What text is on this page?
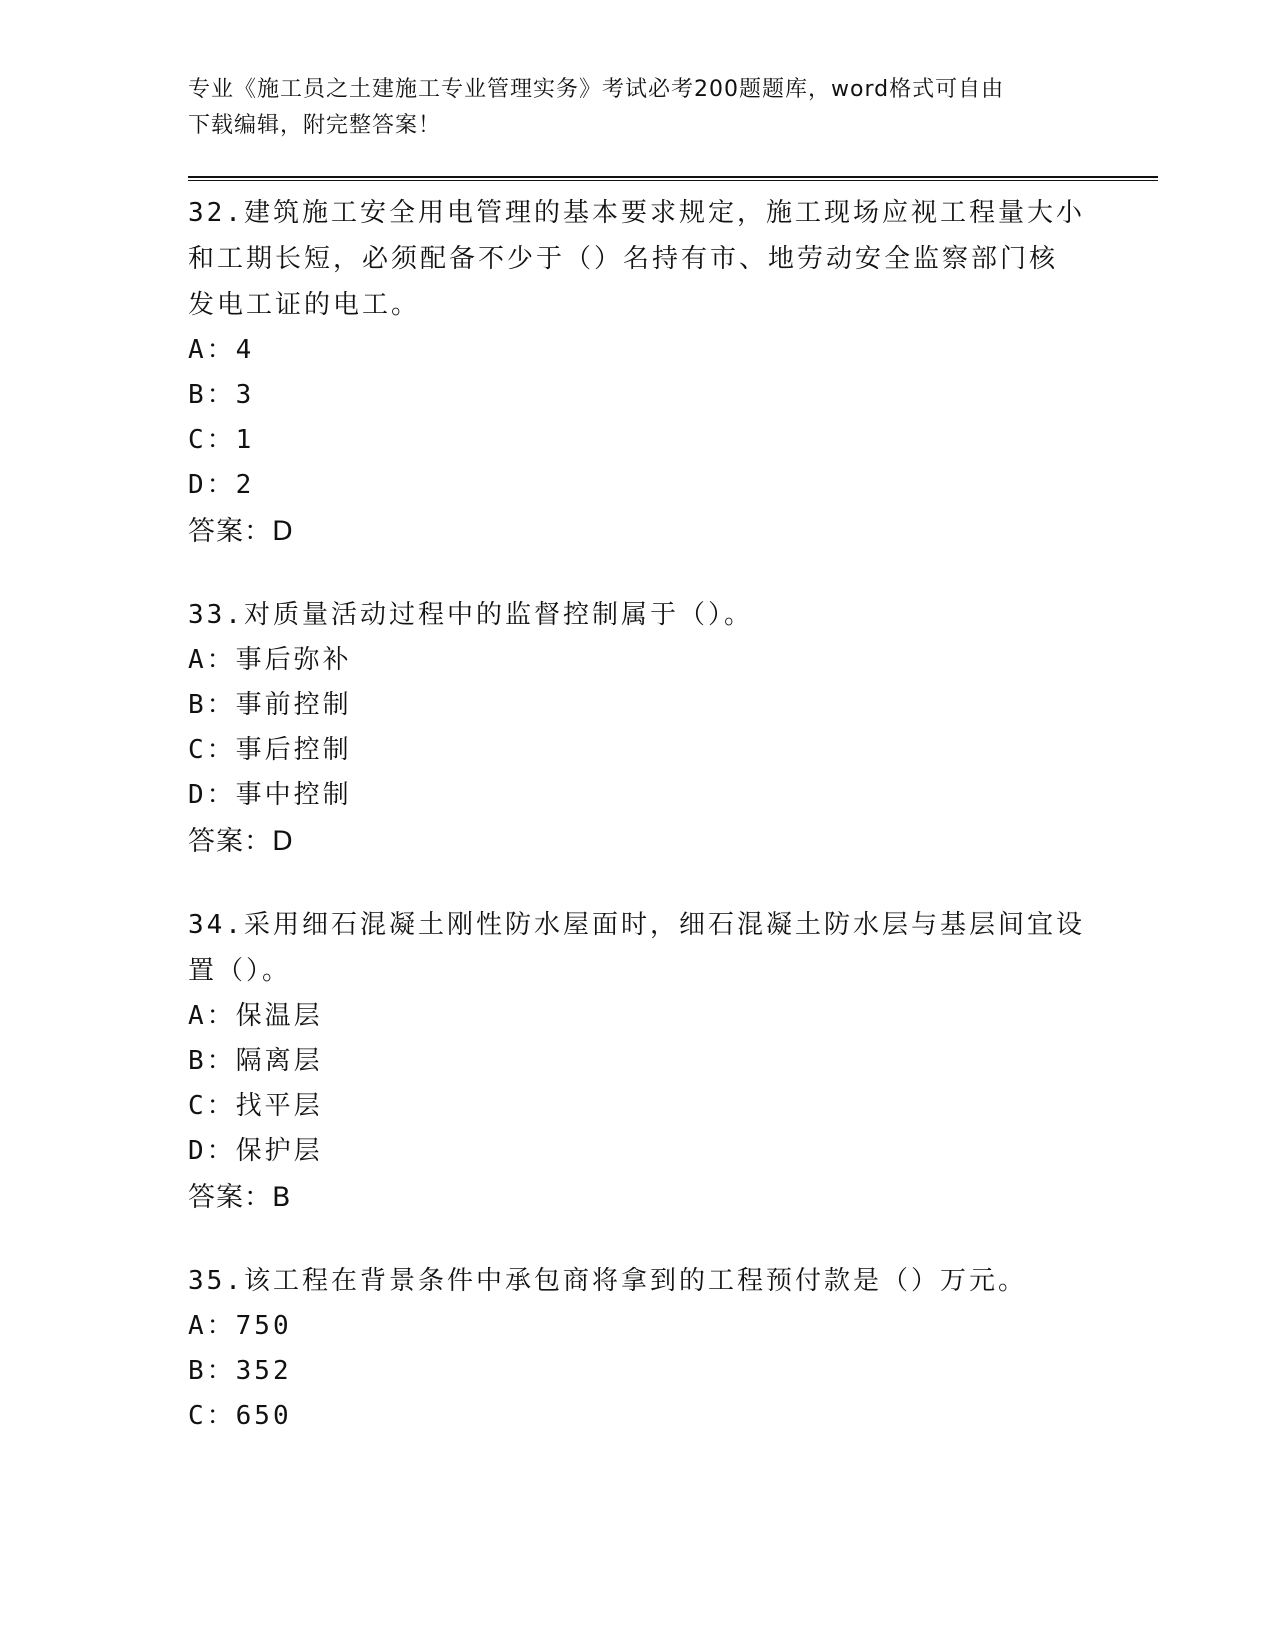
专业《施工员之土建施工专业管理实务》考试必考200题题库，word格式可自由
下载编辑，附完整答案！

32.建筑施工安全用电管理的基本要求规定，施工现场应视工程量大小

和工期长短，必须配备不少于（）名持有市、地劳动安全监察部门核

发电工证的电工。

A：4

B：3

C：1

D：2

答案：D

33.对质量活动过程中的监督控制属于（）。

A：事后弥补

B：事前控制

C：事后控制

D：事中控制

答案：D

34.采用细石混凝土刚性防水屋面时，细石混凝土防水层与基层间宜设

置（）。

A：保温层

B：隔离层

C：找平层

D：保护层

答案：B

35.该工程在背景条件中承包商将拿到的工程预付款是（）万元。

A：750

B：352

C：650
